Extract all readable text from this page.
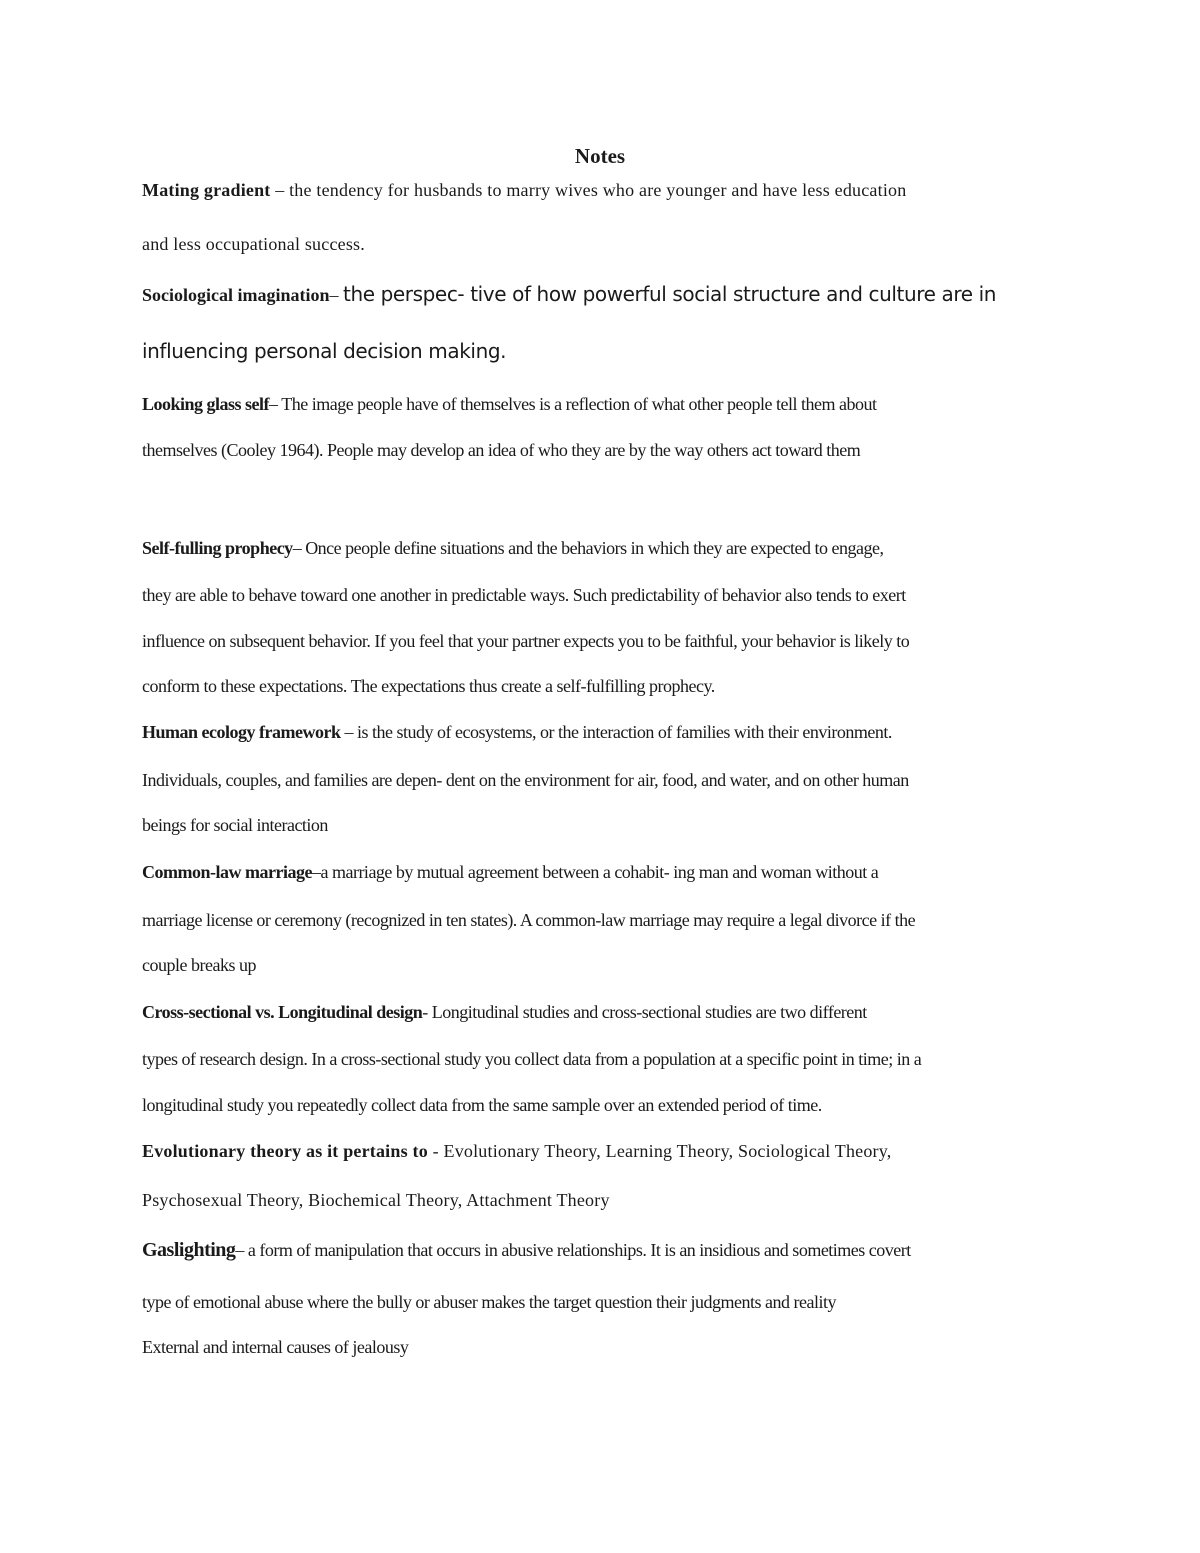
Notes
Mating gradient – the tendency for husbands to marry wives who are younger and have less education
and less occupational success.
Sociological imagination– the perspec- tive of how powerful social structure and culture are in
influencing personal decision making.
Looking glass self– The image people have of themselves is a reflection of what other people tell them about
themselves (Cooley 1964). People may develop an idea of who they are by the way others act toward them
Self-fulling prophecy– Once people define situations and the behaviors in which they are expected to engage,
they are able to behave toward one another in predictable ways. Such predictability of behavior also tends to exert
influence on subsequent behavior. If you feel that your partner expects you to be faithful, your behavior is likely to
conform to these expectations. The expectations thus create a self-fulfilling prophecy.
Human ecology framework – is the study of ecosystems, or the interaction of families with their environment.
Individuals, couples, and families are depen- dent on the environment for air, food, and water, and on other human
beings for social interaction
Common-law marriage–a marriage by mutual agreement between a cohabit- ing man and woman without a
marriage license or ceremony (recognized in ten states). A common-law marriage may require a legal divorce if the
couple breaks up
Cross-sectional vs. Longitudinal design- Longitudinal studies and cross-sectional studies are two different
types of research design. In a cross-sectional study you collect data from a population at a specific point in time; in a
longitudinal study you repeatedly collect data from the same sample over an extended period of time.
Evolutionary theory as it pertains to - Evolutionary Theory, Learning Theory, Sociological Theory,
Psychosexual Theory, Biochemical Theory, Attachment Theory
Gaslighting– a form of manipulation that occurs in abusive relationships. It is an insidious and sometimes covert
type of emotional abuse where the bully or abuser makes the target question their judgments and reality
External and internal causes of jealousy
